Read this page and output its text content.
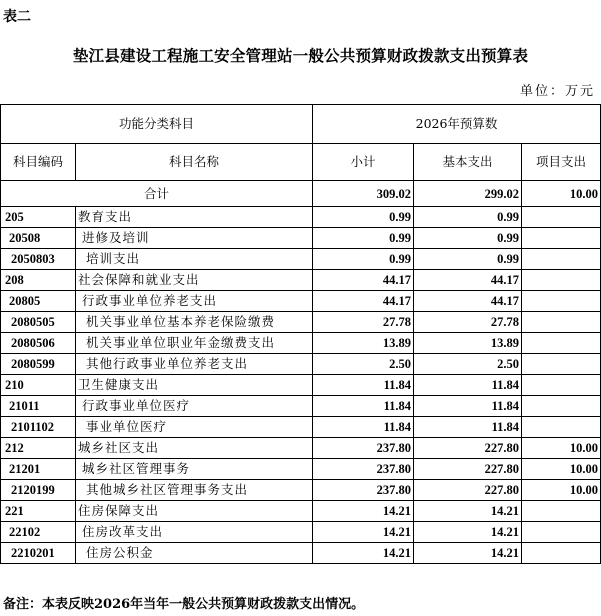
表二
垫江县建设工程施工安全管理站一般公共预算财政拨款支出预算表
单位：万元
功能分类科目		2026年预算数		
科目编码	科目名称	小计	基本支出	项目支出
合计		309.02	299.02	10.00
205	教育支出	0.99	0.99	
20508	进修及培训	0.99	0.99	
2050803	培训支出	0.99	0.99	
208	社会保障和就业支出	44.17	44.17	
20805	行政事业单位养老支出	44.17	44.17	
2080505	机关事业单位基本养老保险缴费	27.78	27.78	
2080506	机关事业单位职业年金缴费支出	13.89	13.89	
2080599	其他行政事业单位养老支出	2.50	2.50	
210	卫生健康支出	11.84	11.84	
21011	行政事业单位医疗	11.84	11.84	
2101102	事业单位医疗	11.84	11.84	
212	城乡社区支出	237.80	227.80	10.00
21201	城乡社区管理事务	237.80	227.80	10.00
2120199	其他城乡社区管理事务支出	237.80	227.80	10.00
221	住房保障支出	14.21	14.21	
22102	住房改革支出	14.21	14.21	
2210201	住房公积金	14.21	14.21	
备注：本表反映2026年当年一般公共预算财政拨款支出情况。
